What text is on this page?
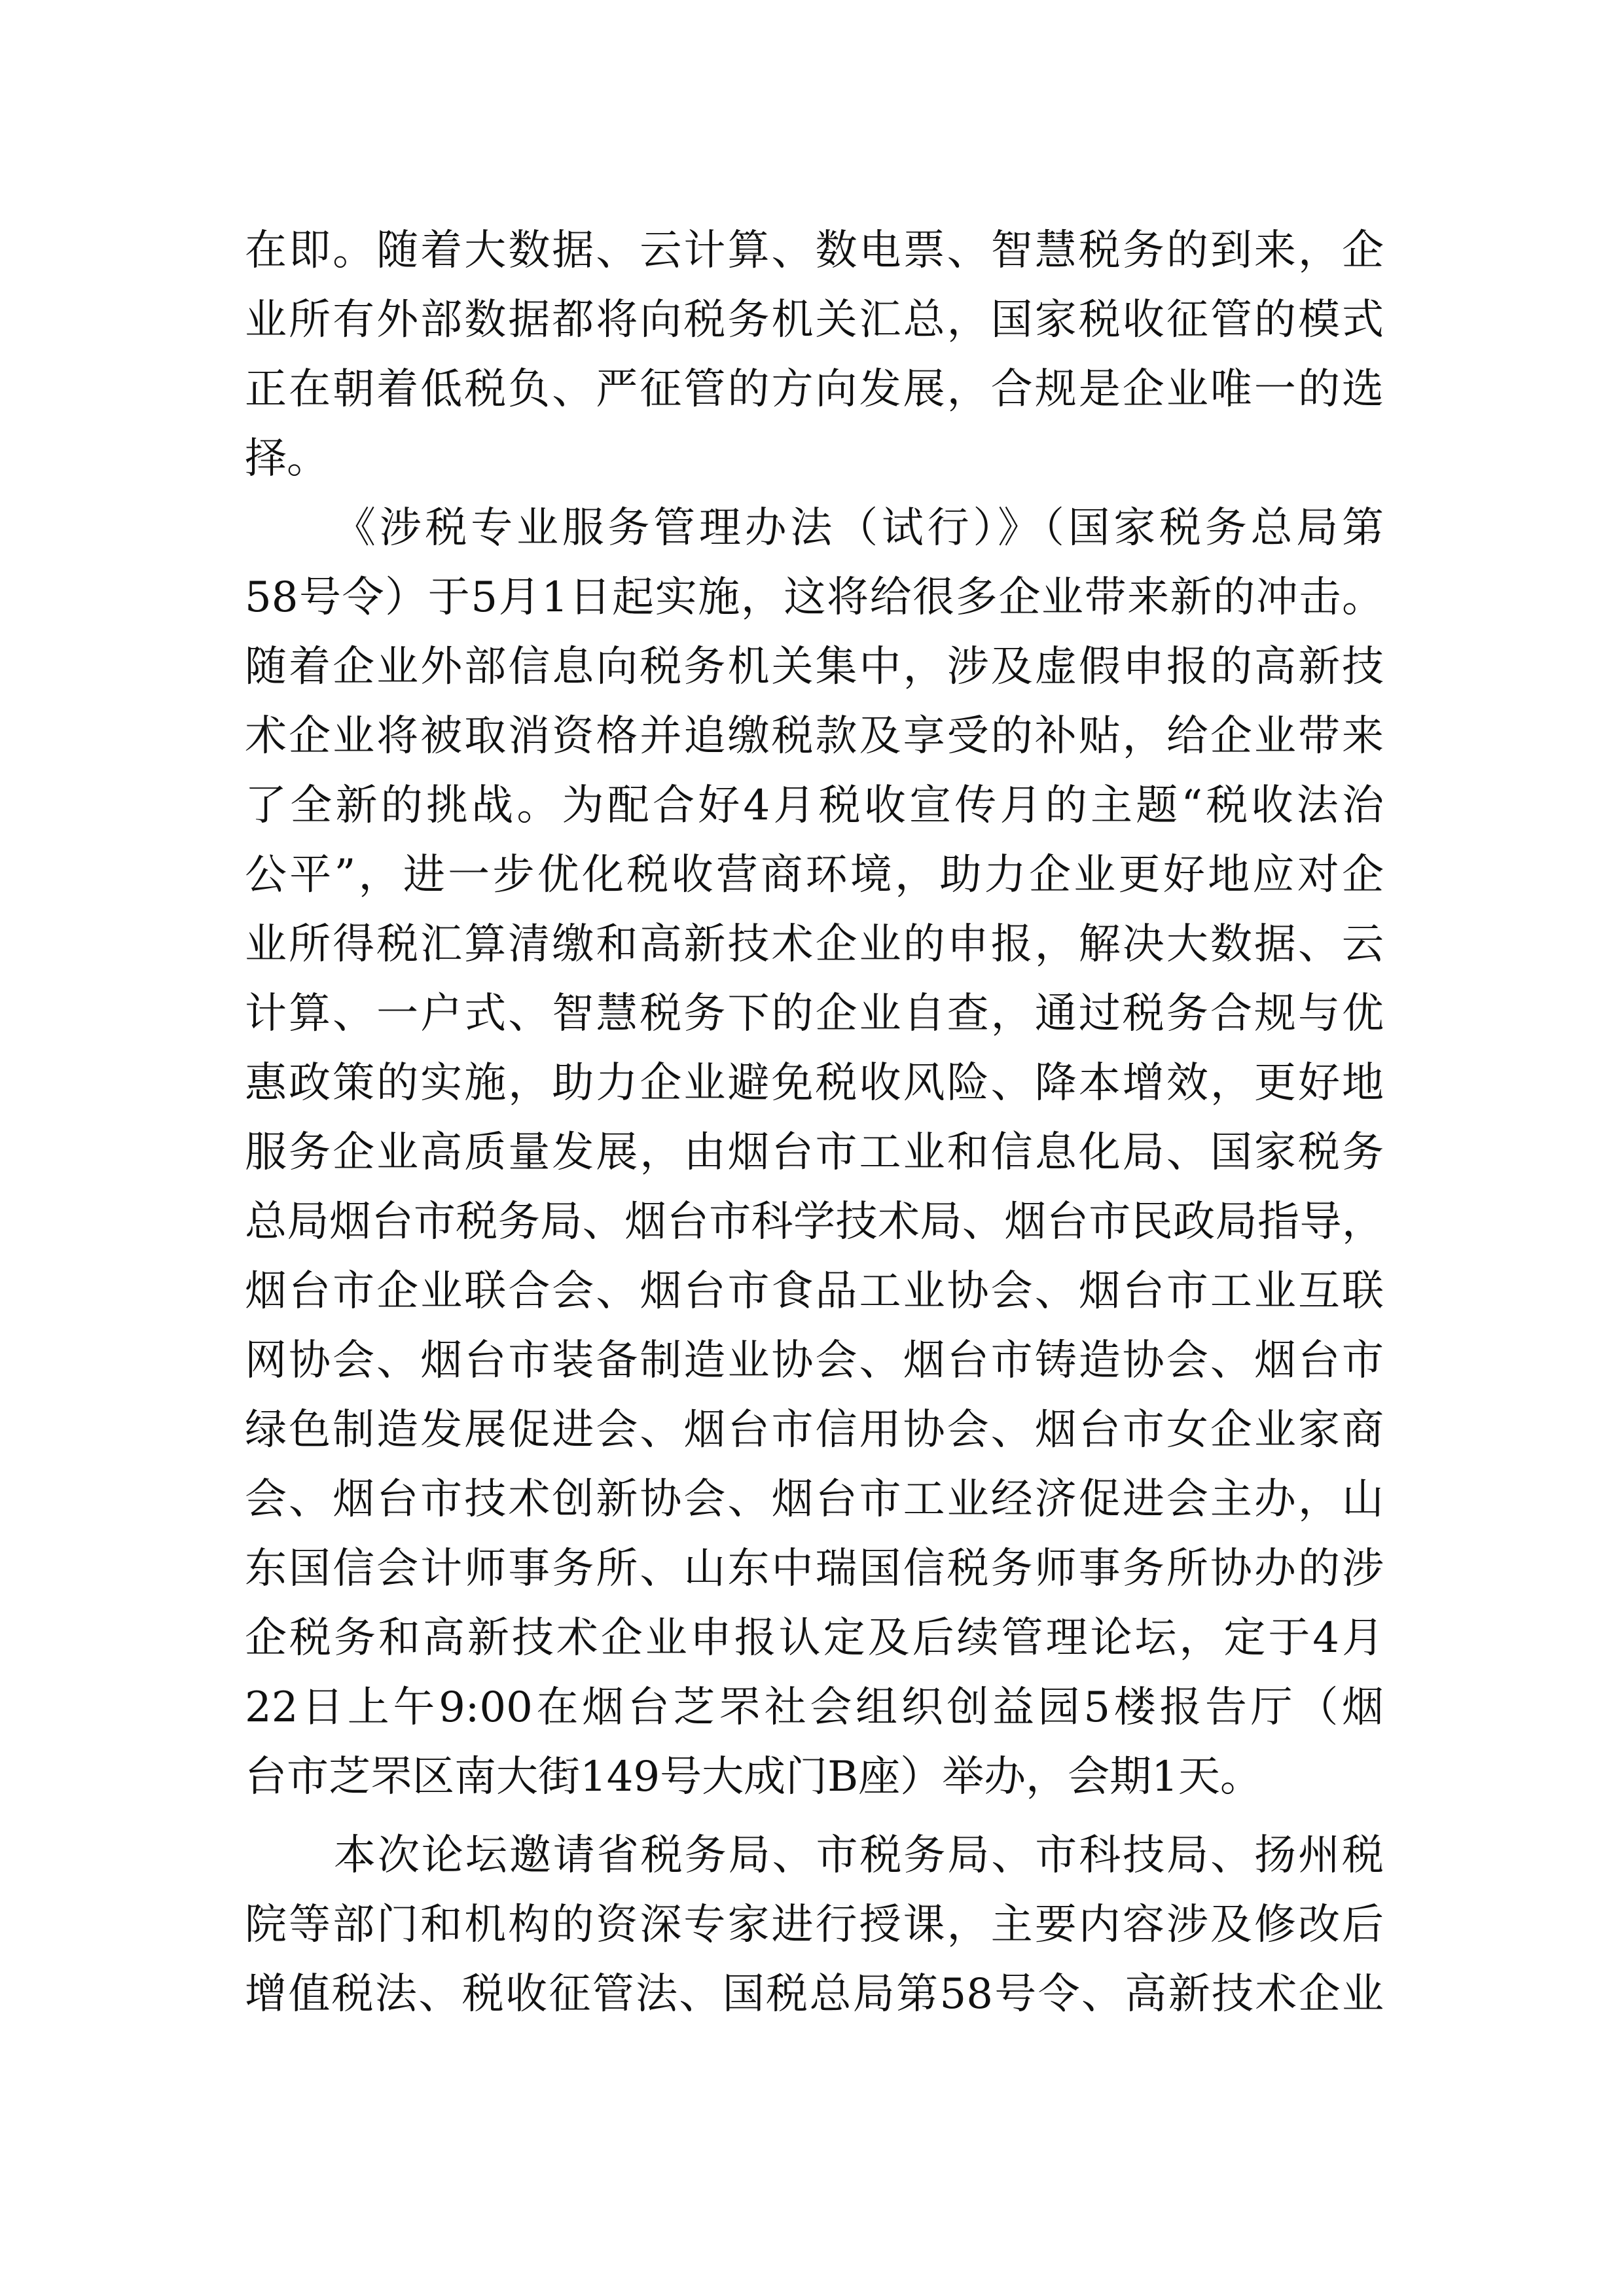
在即。随着大数据、云计算、数电票、智慧税务的到来，企
业所有外部数据都将向税务机关汇总，国家税收征管的模式
正在朝着低税负、严征管的方向发展，合规是企业唯一的选
择。
《涉税专业服务管理办法（试行）》（国家税务总局第
58号令）于5月1日起实施，这将给很多企业带来新的冲击。
随着企业外部信息向税务机关集中，涉及虚假申报的高新技
术企业将被取消资格并追缴税款及享受的补贴，给企业带来
了全新的挑战。为配合好4月税收宣传月的主题“税收法治
公平”，进一步优化税收营商环境，助力企业更好地应对企
业所得税汇算清缴和高新技术企业的申报，解决大数据、云
计算、一户式、智慧税务下的企业自查，通过税务合规与优
惠政策的实施，助力企业避免税收风险、降本增效，更好地
服务企业高质量发展，由烟台市工业和信息化局、国家税务
总局烟台市税务局、烟台市科学技术局、烟台市民政局指导，
烟台市企业联合会、烟台市食品工业协会、烟台市工业互联
网协会、烟台市装备制造业协会、烟台市铸造协会、烟台市
绿色制造发展促进会、烟台市信用协会、烟台市女企业家商
会、烟台市技术创新协会、烟台市工业经济促进会主办，山
东国信会计师事务所、山东中瑞国信税务师事务所协办的涉
企税务和高新技术企业申报认定及后续管理论坛，定于4月
22日上午9:00在烟台芝罘社会组织创益园5楼报告厅（烟
台市芝罘区南大街149号大成门B座）举办，会期1天。
本次论坛邀请省税务局、市税务局、市科技局、扬州税
院等部门和机构的资深专家进行授课，主要内容涉及修改后
增值税法、税收征管法、国税总局第58号令、高新技术企业
